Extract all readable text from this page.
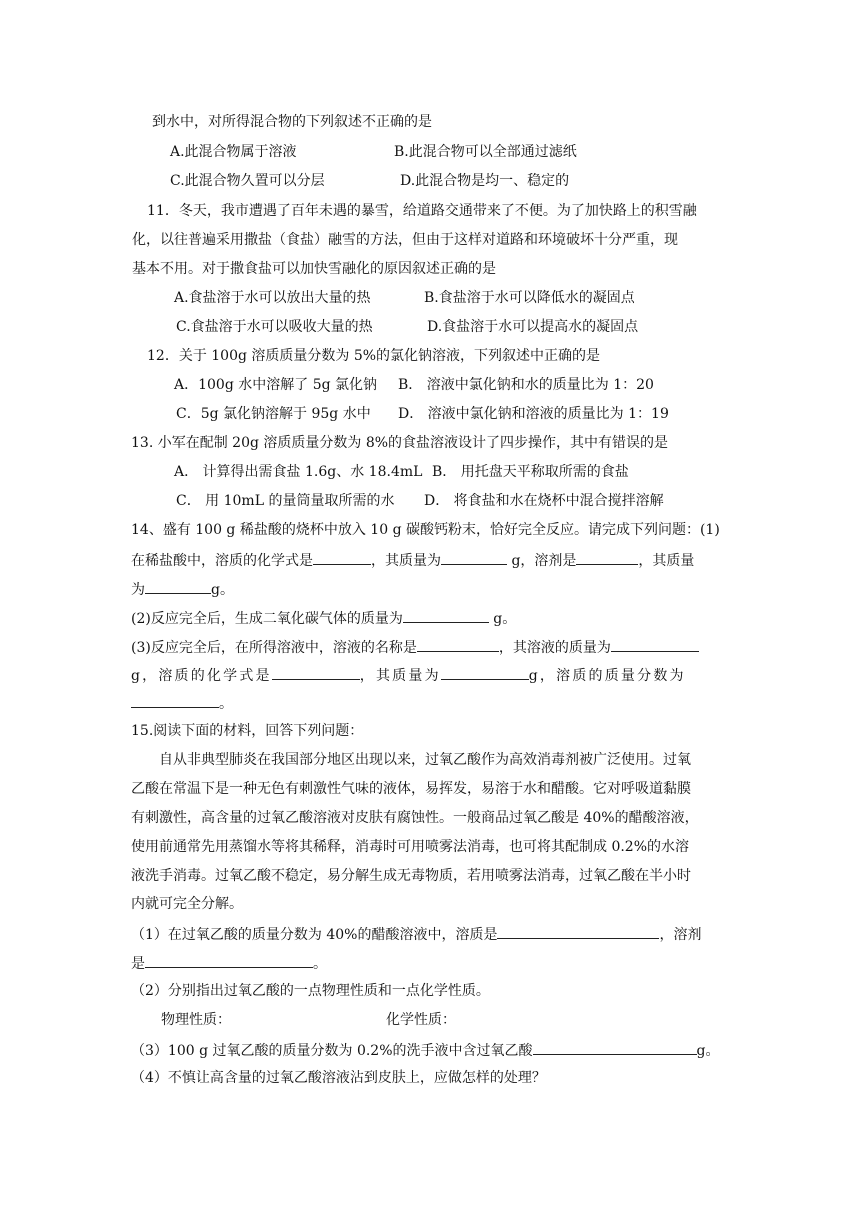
到水中，对所得混合物的下列叙述不正确的是
A.此混合物属于溶液	B.此混合物可以全部通过滤纸
C.此混合物久置可以分层	D.此混合物是均一、稳定的
11．冬天，我市遭遇了百年未遇的暴雪，给道路交通带来了不便。为了加快路上的积雪融
化，以往普遍采用撒盐（食盐）融雪的方法，但由于这样对道路和环境破坏十分严重，现
基本不用。对于撒食盐可以加快雪融化的原因叙述正确的是
A.食盐溶于水可以放出大量的热	B.食盐溶于水可以降低水的凝固点
C.食盐溶于水可以吸收大量的热	D.食盐溶于水可以提高水的凝固点
12．关于 100g 溶质质量分数为 5%的氯化钠溶液，下列叙述中正确的是
A．100g 水中溶解了 5g 氯化钠 B． 溶液中氯化钠和水的质量比为 1：20
C．5g 氯化钠溶解于 95g 水中 D． 溶液中氯化钠和溶液的质量比为 1：19
13. 小军在配制 20g 溶质质量分数为 8%的食盐溶液设计了四步操作，其中有错误的是
A． 计算得出需食盐 1.6g、水 18.4mL B． 用托盘天平称取所需的食盐
C． 用 10mL 的量筒量取所需的水 D． 将食盐和水在烧杯中混合搅拌溶解
14、盛有 100 g 稀盐酸的烧杯中放入 10 g 碳酸钙粉末，恰好完全反应。请完成下列问题：(1)
在稀盐酸中，溶质的化学式是	，其质量为	g，溶剂是	，其质量
为	g。
(2)反应完全后，生成二氧化碳气体的质量为	g。
(3)反应完全后，在所得溶液中，溶液的名称是	，其溶液的质量为
g，溶质的化学式是	，其质量为	g，溶质的质量分数为
。
15.阅读下面的材料，回答下列问题：
自从非典型肺炎在我国部分地区出现以来，过氧乙酸作为高效消毒剂被广泛使用。过氧
乙酸在常温下是一种无色有刺激性气味的液体，易挥发，易溶于水和醋酸。它对呼吸道黏膜
有刺激性，高含量的过氧乙酸溶液对皮肤有腐蚀性。一般商品过氧乙酸是 40%的醋酸溶液，
使用前通常先用蒸馏水等将其稀释，消毒时可用喷雾法消毒，也可将其配制成 0.2%的水溶
液洗手消毒。过氧乙酸不稳定，易分解生成无毒物质，若用喷雾法消毒，过氧乙酸在半小时
内就可完全分解。
（1）在过氧乙酸的质量分数为 40%的醋酸溶液中，溶质是	，溶剂
是	。
（2）分别指出过氧乙酸的一点物理性质和一点化学性质。
物理性质：	化学性质：
（3）100 g 过氧乙酸的质量分数为 0.2%的洗手液中含过氧乙酸	g。
（4）不慎让高含量的过氧乙酸溶液沾到皮肤上，应做怎样的处理？
